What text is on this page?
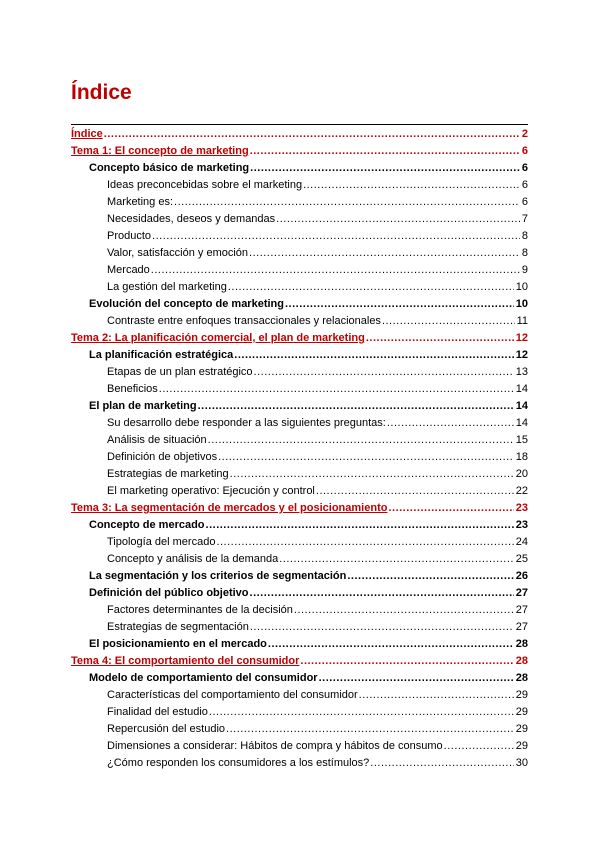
Índice
Índice .....	2
Tema 1: El concepto de marketing .....	6
Concepto básico de marketing .....	6
Ideas preconcebidas sobre el marketing .....	6
Marketing es: .....	6
Necesidades, deseos y demandas .....	7
Producto .....	8
Valor, satisfacción y emoción .....	8
Mercado .....	9
La gestión del marketing .....	10
Evolución del concepto de marketing .....	10
Contraste entre enfoques transaccionales y relacionales .....	11
Tema 2: La planificación comercial, el plan de marketing .....	12
La planificación estratégica .....	12
Etapas de un plan estratégico .....	13
Beneficios .....	14
El plan de marketing .....	14
Su desarrollo debe responder a las siguientes preguntas: .....	14
Análisis de situación .....	15
Definición de objetivos .....	18
Estrategias de marketing .....	20
El marketing operativo: Ejecución y control .....	22
Tema 3: La segmentación de mercados y el posicionamiento .....	23
Concepto de mercado .....	23
Tipología del mercado .....	24
Concepto y análisis de la demanda .....	25
La segmentación y los criterios de segmentación .....	26
Definición del público objetivo .....	27
Factores determinantes de la decisión .....	27
Estrategias de segmentación .....	27
El posicionamiento en el mercado .....	28
Tema 4: El comportamiento del consumidor .....	28
Modelo de comportamiento del consumidor .....	28
Características del comportamiento del consumidor .....	29
Finalidad del estudio .....	29
Repercusión del estudio .....	29
Dimensiones a considerar: Hábitos de compra y hábitos de consumo .....	29
¿Cómo responden los consumidores a los estímulos? .....	30
